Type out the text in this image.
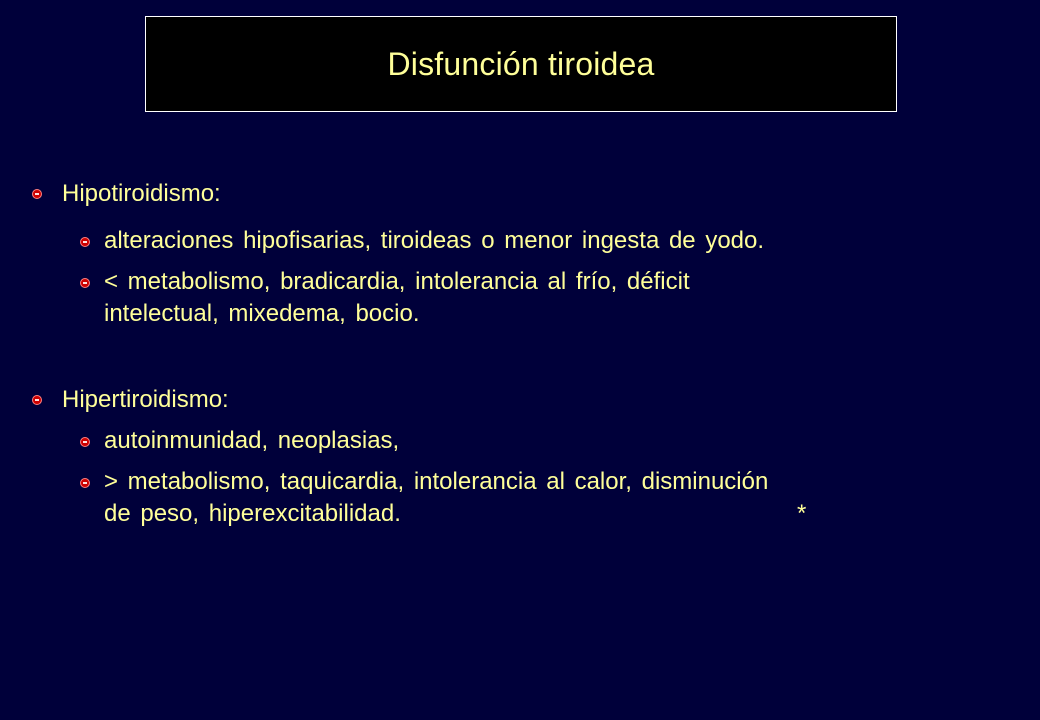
Disfunción tiroidea
Hipotiroidismo:
alteraciones hipofisarias, tiroideas o menor ingesta de yodo.
< metabolismo, bradicardia, intolerancia al frío, déficit
intelectual, mixedema, bocio.
Hipertiroidismo:
autoinmunidad, neoplasias,
> metabolismo, taquicardia, intolerancia al calor, disminución
de peso, hiperexcitabilidad.	*
